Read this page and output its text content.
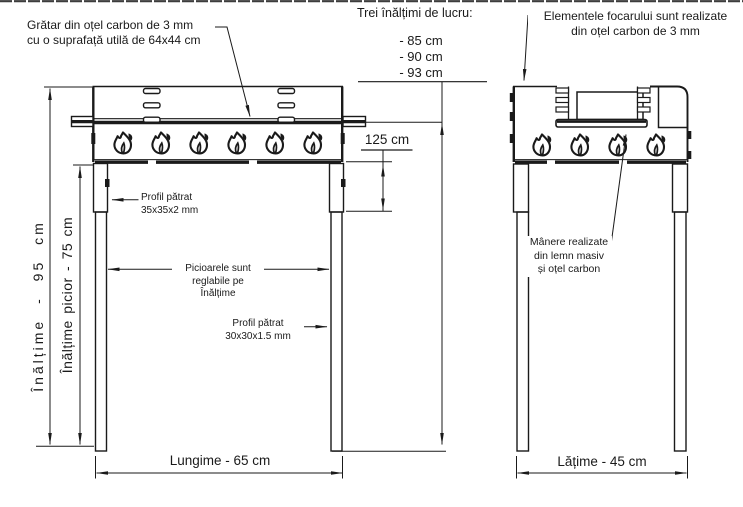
Grătar din oțel carbon de 3 mm
cu o suprafață utilă de 64x44 cm
Trei înălțimi de lucru:
- 85 cm
- 90 cm
- 93 cm
Elementele focarului sunt realizate
din oțel carbon de 3 mm
125 cm
Profil pătrat
35x35x2 mm
Picioarele sunt
reglabile pe
Înălțime
Profil pătrat
30x30x1.5 mm
Mânere realizate
din lemn masiv
și oțel carbon
Înălțime - 95 cm Înălțime picior - 75 cm
Lungime - 65 cm	Lățime - 45 cm
